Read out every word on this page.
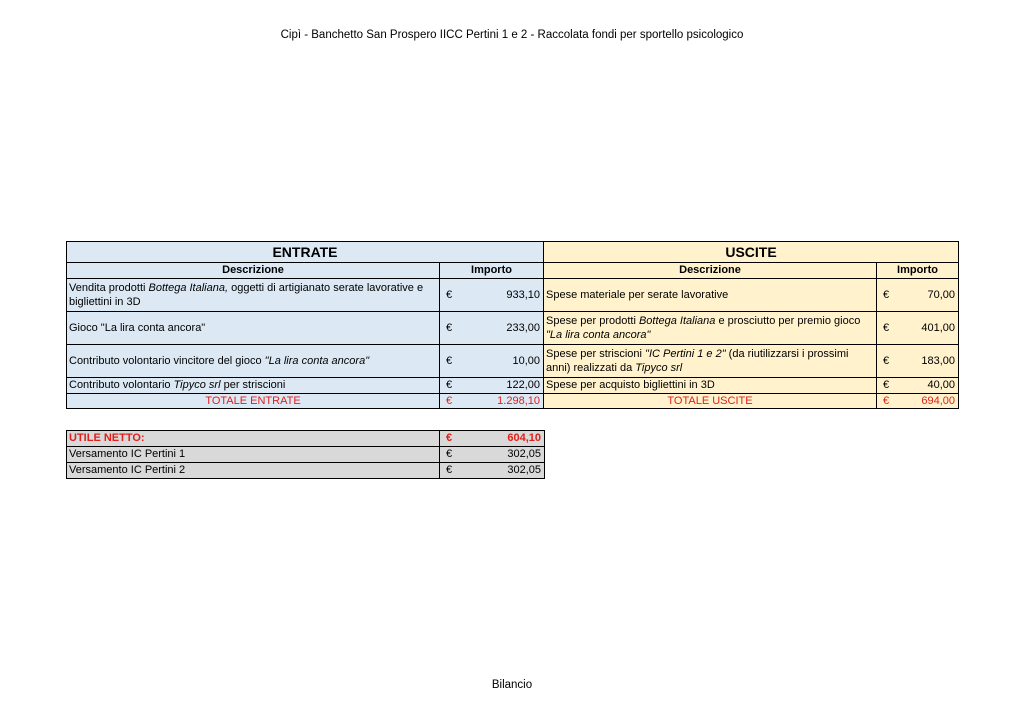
Cipì - Banchetto San Prospero IICC Pertini 1 e 2 - Raccolata fondi per sportello psicologico
ENTRATE			USCITE		
Descrizione	Importo		Descrizione	Importo	
Vendita prodotti Bottega Italiana, oggetti di artigianato serate lavorative e bigliettini in 3D	€	933,10	Spese materiale per serate lavorative	€	70,00
Gioco "La lira conta ancora"	€	233,00	Spese per prodotti Bottega Italiana e prosciutto per premio gioco "La lira conta ancora"	€	401,00
Contributo volontario vincitore del gioco "La lira conta ancora"	€	10,00	Spese per striscioni "IC Pertini 1 e 2" (da riutilizzarsi i prossimi anni) realizzati da Tipyco srl	€	183,00
Contributo volontario Tipyco srl per striscioni	€	122,00	Spese per acquisto bigliettini in 3D	€	40,00
TOTALE ENTRATE	€	1.298,10	TOTALE USCITE	€	694,00
UTILE NETTO:	€	604,10
Versamento IC Pertini 1	€	302,05
Versamento IC Pertini 2	€	302,05
Bilancio
